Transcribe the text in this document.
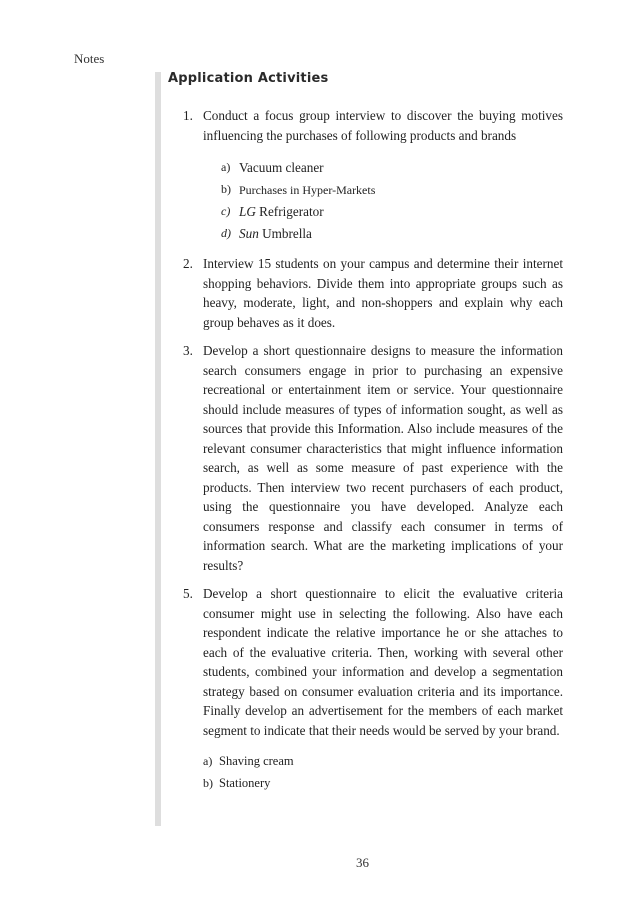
Notes
Application Activities
1. Conduct a focus group interview to discover the buying motives influencing the purchases of following products and brands
a) Vacuum cleaner
b) Purchases in Hyper-Markets
c) LG Refrigerator
d) Sun Umbrella
2. Interview 15 students on your campus and determine their internet shopping behaviors. Divide them into appropriate groups such as heavy, moderate, light, and non-shoppers and explain why each group behaves as it does.
3. Develop a short questionnaire designs to measure the information search consumers engage in prior to purchasing an expensive recreational or entertainment item or service. Your questionnaire should include measures of types of information sought, as well as sources that provide this Information. Also include measures of the relevant consumer characteristics that might influence information search, as well as some measure of past experience with the products. Then interview two recent purchasers of each product, using the questionnaire you have developed. Analyze each consumers response and classify each consumer in terms of information search. What are the marketing implications of your results?
5. Develop a short questionnaire to elicit the evaluative criteria consumer might use in selecting the following. Also have each respondent indicate the relative importance he or she attaches to each of the evaluative criteria. Then, working with several other students, combined your information and develop a segmentation strategy based on consumer evaluation criteria and its importance. Finally develop an advertisement for the members of each market segment to indicate that their needs would be served by your brand.
a) Shaving cream
b) Stationery
36
